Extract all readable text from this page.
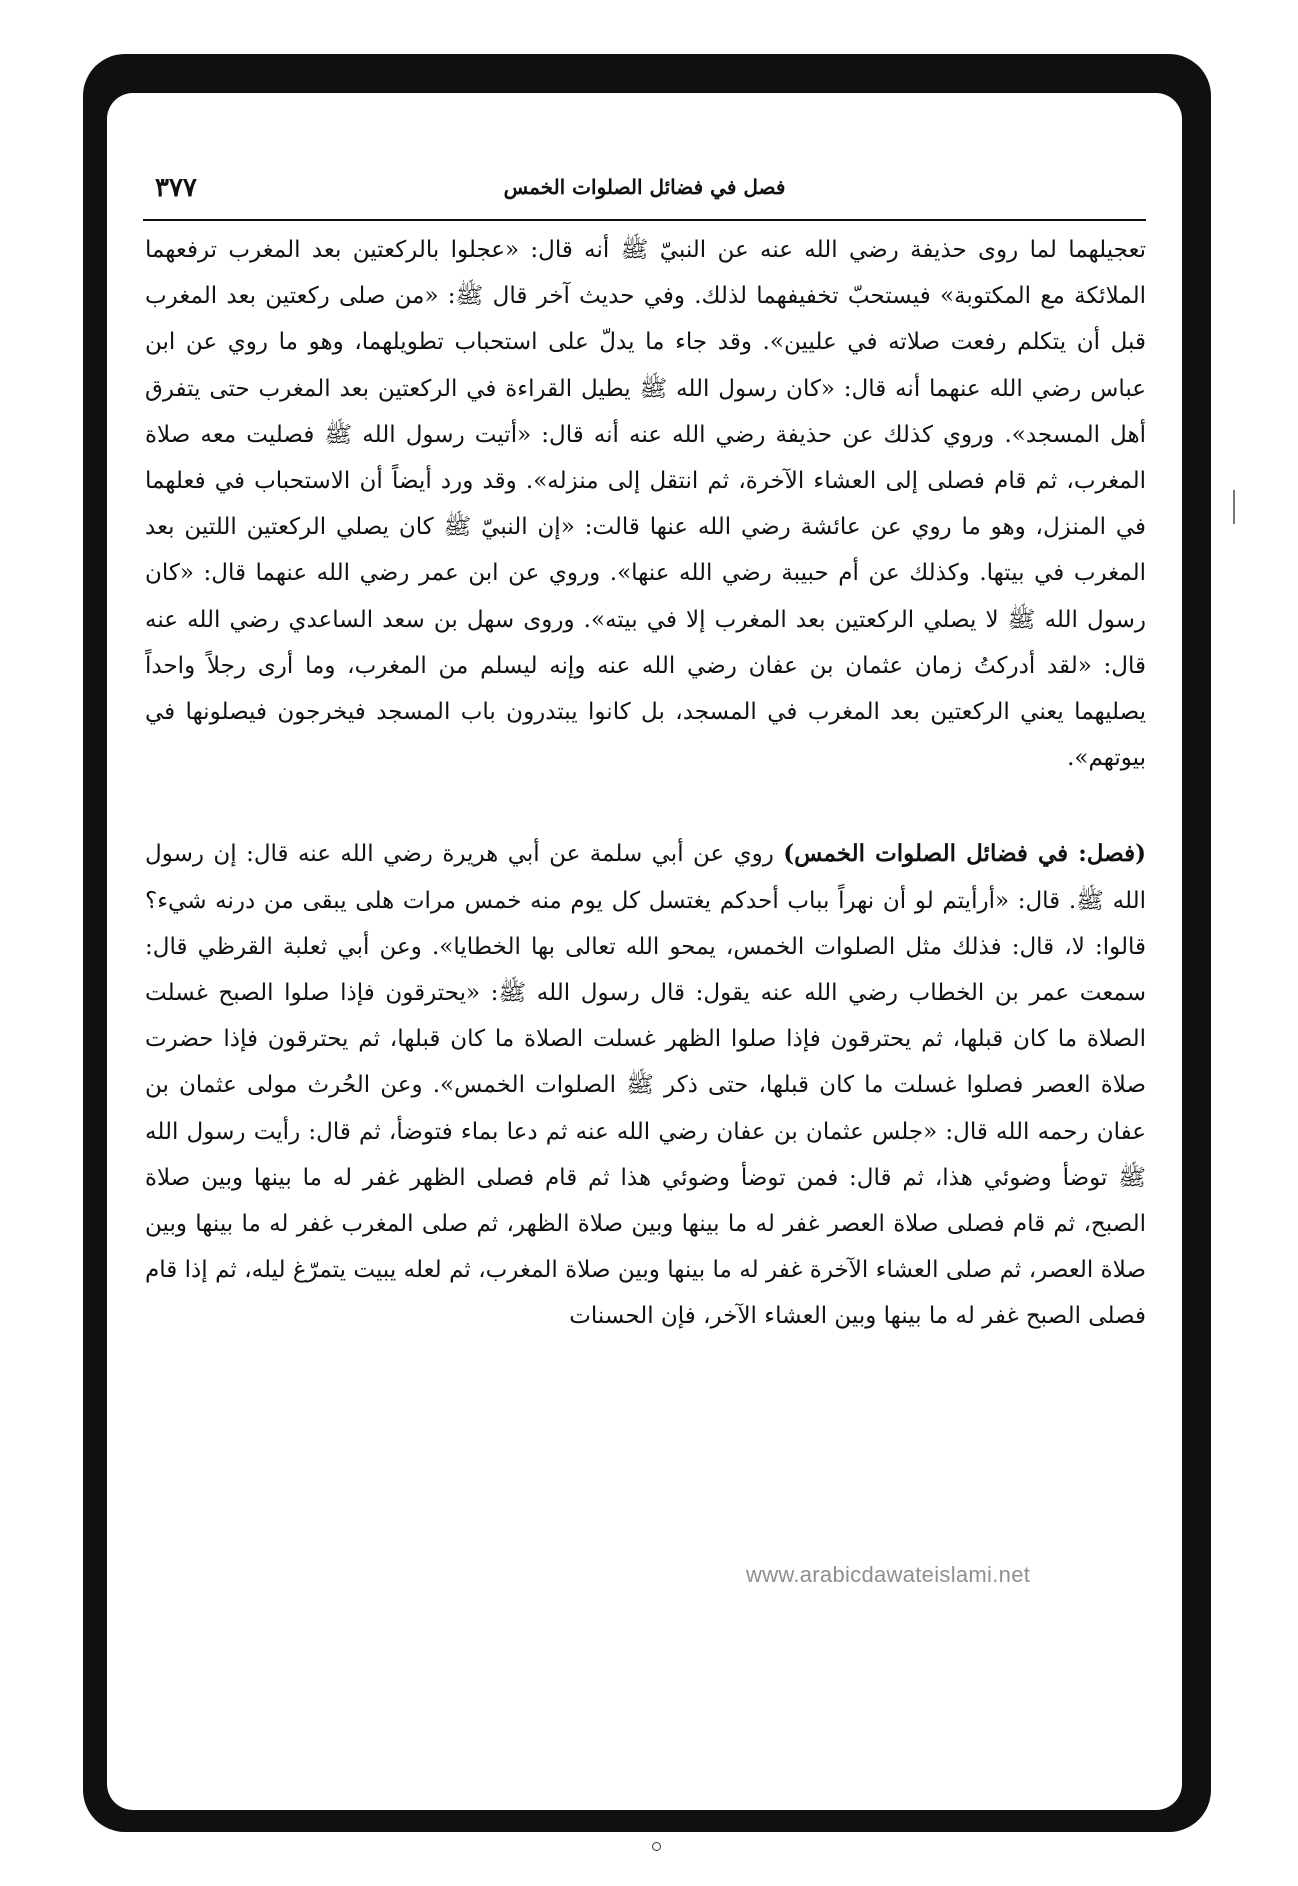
فصل في فضائل الصلوات الخمس
٣٧٧

تعجيلهما لما روى حذيفة رضي الله عنه عن النبيّ ﷺ أنه قال: «عجلوا بالركعتين بعد المغرب ترفعهما الملائكة مع المكتوبة» فيستحبّ تخفيفهما لذلك. وفي حديث آخر قال ﷺ: «من صلى ركعتين بعد المغرب قبل أن يتكلم رفعت صلاته في عليين». وقد جاء ما يدلّ على استحباب تطويلهما، وهو ما روي عن ابن عباس رضي الله عنهما أنه قال: «كان رسول الله ﷺ يطيل القراءة في الركعتين بعد المغرب حتى يتفرق أهل المسجد». وروي كذلك عن حذيفة رضي الله عنه أنه قال: «أتيت رسول الله ﷺ فصليت معه صلاة المغرب، ثم قام فصلى إلى العشاء الآخرة، ثم انتقل إلى منزله». وقد ورد أيضاً أن الاستحباب في فعلهما في المنزل، وهو ما روي عن عائشة رضي الله عنها قالت: «إن النبيّ ﷺ كان يصلي الركعتين اللتين بعد المغرب في بيتها. وكذلك عن أم حبيبة رضي الله عنها». وروي عن ابن عمر رضي الله عنهما قال: «كان رسول الله ﷺ لا يصلي الركعتين بعد المغرب إلا في بيته». وروى سهل بن سعد الساعدي رضي الله عنه قال: «لقد أدركتُ زمان عثمان بن عفان رضي الله عنه وإنه ليسلم من المغرب، وما أرى رجلاً واحداً يصليهما يعني الركعتين بعد المغرب في المسجد، بل كانوا يبتدرون باب المسجد فيخرجون فيصلونها في بيوتهم».

(فصل: في فضائل الصلوات الخمس) روي عن أبي سلمة عن أبي هريرة رضي الله عنه قال: إن رسول الله ﷺ. قال: «أرأيتم لو أن نهراً بباب أحدكم يغتسل كل يوم منه خمس مرات هلى يبقى من درنه شيء؟ قالوا: لا، قال: فذلك مثل الصلوات الخمس، يمحو الله تعالى بها الخطايا». وعن أبي ثعلبة القرظي قال: سمعت عمر بن الخطاب رضي الله عنه يقول: قال رسول الله ﷺ: «يحترقون فإذا صلوا الصبح غسلت الصلاة ما كان قبلها، ثم يحترقون فإذا صلوا الظهر غسلت الصلاة ما كان قبلها، ثم يحترقون فإذا حضرت صلاة العصر فصلوا غسلت ما كان قبلها، حتى ذكر ﷺ الصلوات الخمس». وعن الحُرث مولى عثمان بن عفان رحمه الله قال: «جلس عثمان بن عفان رضي الله عنه ثم دعا بماء فتوضأ، ثم قال: رأيت رسول الله ﷺ توضأ وضوئي هذا، ثم قال: فمن توضأ وضوئي هذا ثم قام فصلى الظهر غفر له ما بينها وبين صلاة الصبح، ثم قام فصلى صلاة العصر غفر له ما بينها وبين صلاة الظهر، ثم صلى المغرب غفر له ما بينها وبين صلاة العصر، ثم صلى العشاء الآخرة غفر له ما بينها وبين صلاة المغرب، ثم لعله يبيت يتمرّغ ليله، ثم إذا قام فصلى الصبح غفر له ما بينها وبين العشاء الآخر، فإن الحسنات

www.arabicdawateislami.net
